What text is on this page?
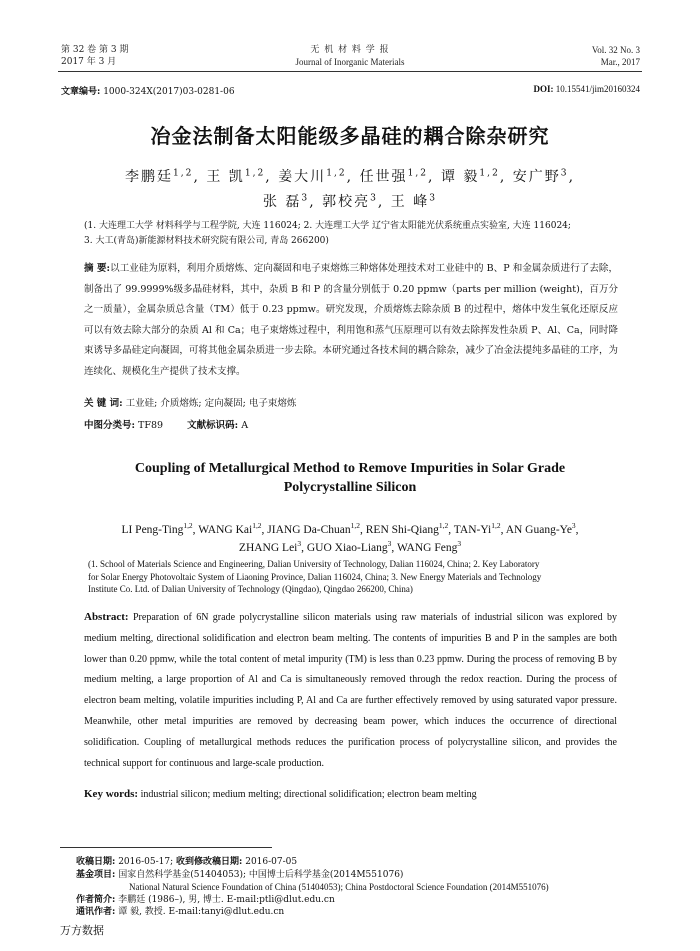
第 32 卷 第 3 期
2017 年 3 月
无 机 材 料 学 报
Journal of Inorganic Materials
Vol. 32 No. 3
Mar., 2017
文章编号: 1000-324X(2017)03-0281-06	DOI: 10.15541/jim20160324
冶金法制备太阳能级多晶硅的耦合除杂研究
李鹏廷$^{1,2}$, 王 凯$^{1,2}$, 姜大川$^{1,2}$, 任世强$^{1,2}$, 谭 毅$^{1,2}$, 安广野$^3$,
张 磊$^3$, 郭校亮$^3$, 王 峰$^3$
(1. 大连理工大学 材料科学与工程学院, 大连 116024; 2. 大连理工大学 辽宁省太阳能光伏系统重点实验室, 大连 116024;
3. 大工(青岛)新能源材料技术研究院有限公司, 青岛 266200)
摘 要:以工业硅为原料，利用介质熔炼、定向凝固和电子束熔炼三种熔体处理技术对工业硅中的 B、P 和金属杂质进行了去除，制备出了 99.9999%级多晶硅材料，其中，杂质 B 和 P 的含量分别低于 0.20 ppmw（parts per million (weight)，百万分之一质量），金属杂质总含量（TM）低于 0.23 ppmw。研究发现，介质熔炼去除杂质 B 的过程中，熔体中发生氧化还原反应可以有效去除大部分的杂质 Al 和 Ca；电子束熔炼过程中，利用饱和蒸气压原理可以有效去除挥发性杂质 P、Al、Ca，同时降束诱导多晶硅定向凝固，可将其他金属杂质进一步去除。本研究通过各技术间的耦合除杂，减少了冶金法提纯多晶硅的工序，为连续化、规模化生产提供了技术支撑。
关 键 词: 工业硅; 介质熔炼; 定向凝固; 电子束熔炼
中图分类号: TF89	文献标识码: A
Coupling of Metallurgical Method to Remove Impurities in Solar Grade
Polycrystalline Silicon
LI Peng-Ting$^{1,2}$, WANG Kai$^{1,2}$, JIANG Da-Chuan$^{1,2}$, REN Shi-Qiang$^{1,2}$, TAN-Yi$^{1,2}$, AN Guang-Ye$^3$,
ZHANG Lei$^3$, GUO Xiao-Liang$^3$, WANG Feng$^3$
(1. School of Materials Science and Engineering, Dalian University of Technology, Dalian 116024, China; 2. Key Laboratory
for Solar Energy Photovoltaic System of Liaoning Province, Dalian 116024, China; 3. New Energy Materials and Technology
Institute Co. Ltd. of Dalian University of Technology (Qingdao), Qingdao 266200, China)
Abstract: Preparation of 6N grade polycrystalline silicon materials using raw materials of industrial silicon was explored by medium melting, directional solidification and electron beam melting. The contents of impurities B and P in the samples are both lower than 0.20 ppmw, while the total content of metal impurity (TM) is less than 0.23 ppmw. During the process of removing B by medium melting, a large proportion of Al and Ca is simultaneously removed through the redox reaction. During the process of electron beam melting, volatile impurities including P, Al and Ca are further effectively removed by using saturated vapor pressure. Meanwhile, other metal impurities are removed by decreasing beam power, which induces the occurrence of directional solidification. Coupling of metallurgical methods reduces the purification process of polycrystalline silicon, and provides the technical support for continuous and large-scale production.
Key words: industrial silicon; medium melting; directional solidification; electron beam melting
收稿日期: 2016-05-17; 收到修改稿日期: 2016-07-05
基金项目: 国家自然科学基金(51404053); 中国博士后科学基金(2014M551076)
National Natural Science Foundation of China (51404053); China Postdoctoral Science Foundation (2014M551076)
作者简介: 李鹏廷 (1986–), 男, 博士. E-mail:ptli@dlut.edu.cn
通讯作者: 谭 毅, 教授. E-mail:tanyi@dlut.edu.cn
万方数据
